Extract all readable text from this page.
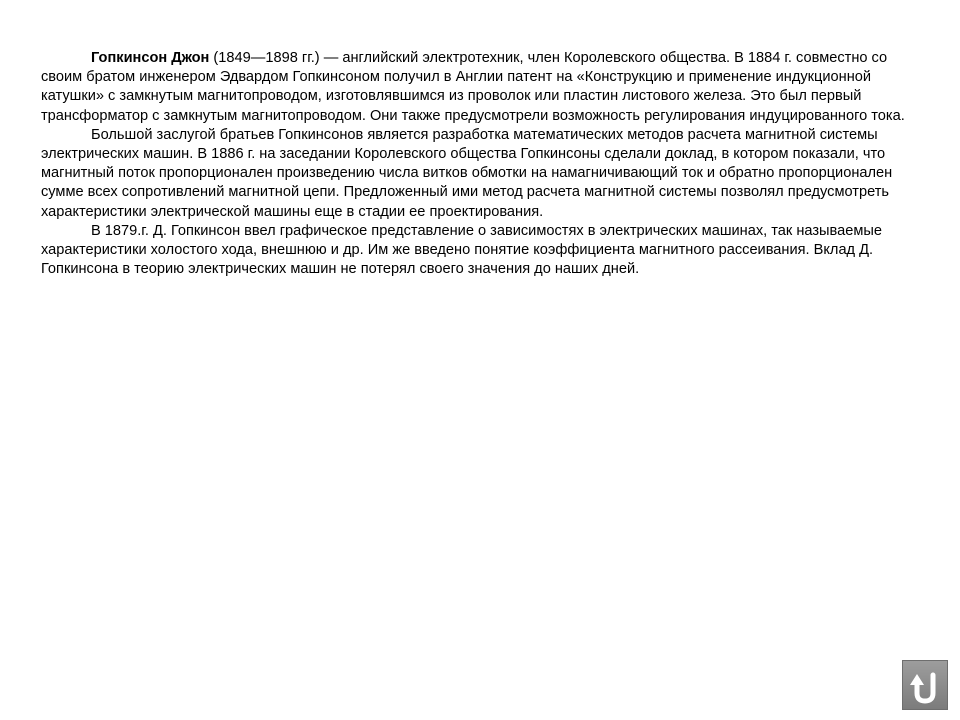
Гопкинсон Джон (1849—1898 гг.) — английский электротехник, член Королевского общества. В 1884 г. совместно со своим братом инженером Эдвардом Гопкинсоном получил в Англии патент на «Конструкцию и применение индукционной катушки» с замкнутым магнитопроводом, изготовлявшимся из проволок или пластин листового железа. Это был первый трансформатор с замкнутым магнитопроводом. Они также предусмотрели возможность регулирования индуцированного тока.

Большой заслугой братьев Гопкинсонов является разработка математических методов расчета магнитной системы электрических машин. В 1886 г. на заседании Королевского общества Гопкинсоны сделали доклад, в котором показали, что магнитный поток пропорционален произведению числа витков обмотки на намагничивающий ток и обратно пропорционален сумме всех сопротивлений магнитной цепи. Предложенный ими метод расчета магнитной системы позволял предусмотреть характеристики электрической машины еще в стадии ее проектирования.

В 1879.г. Д. Гопкинсон ввел графическое представление о зависимостях в электрических машинах, так называемые характеристики холостого хода, внешнюю и др. Им же введено понятие коэффициента магнитного рассеивания. Вклад Д. Гопкинсона в теорию электрических машин не потерял своего значения до наших дней.
